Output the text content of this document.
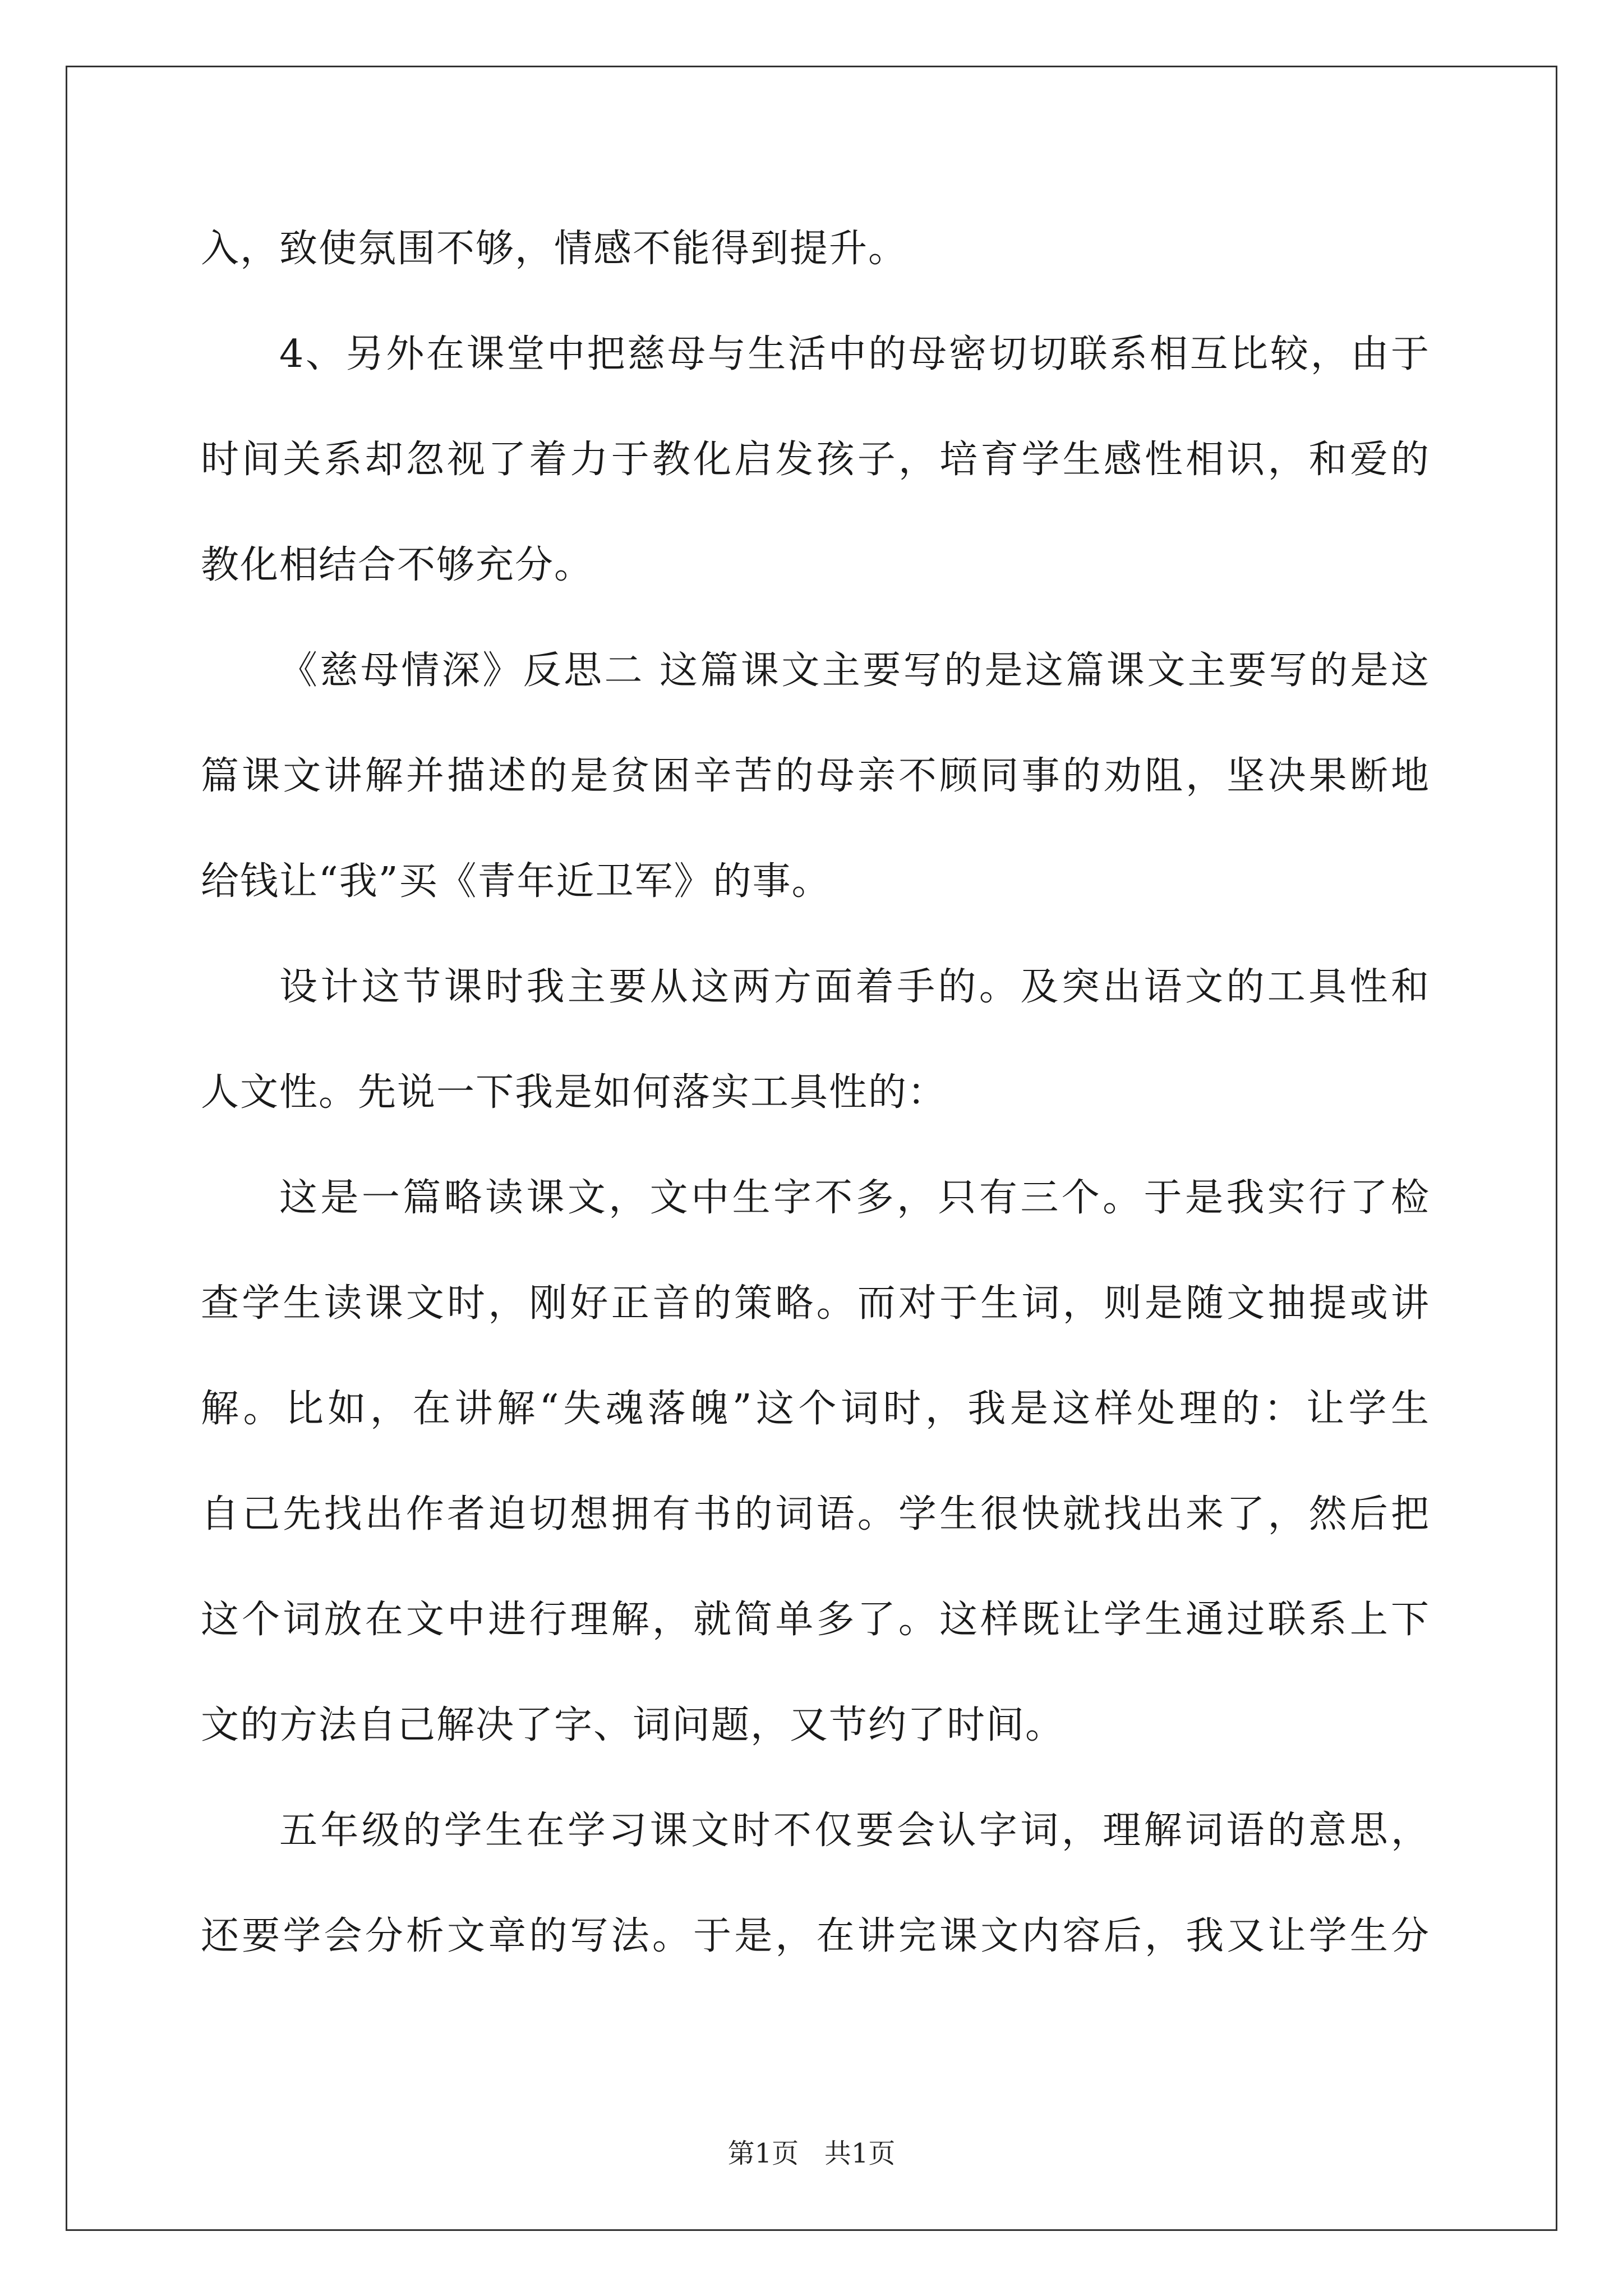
入，致使氛围不够，情感不能得到提升。
4、另外在课堂中把慈母与生活中的母密切切联系相互比较，由于
时间关系却忽视了着力于教化启发孩子，培育学生感性相识，和爱的
教化相结合不够充分。
《慈母情深》反思二 这篇课文主要写的是这篇课文主要写的是这
篇课文讲解并描述的是贫困辛苦的母亲不顾同事的劝阻，坚决果断地
给钱让“我”买《青年近卫军》的事。
设计这节课时我主要从这两方面着手的。及突出语文的工具性和
人文性。先说一下我是如何落实工具性的：
这是一篇略读课文，文中生字不多，只有三个。于是我实行了检
查学生读课文时，刚好正音的策略。而对于生词，则是随文抽提或讲
解。比如，在讲解“失魂落魄”这个词时，我是这样处理的：让学生
自己先找出作者迫切想拥有书的词语。学生很快就找出来了，然后把
这个词放在文中进行理解，就简单多了。这样既让学生通过联系上下
文的方法自己解决了字、词问题，又节约了时间。
五年级的学生在学习课文时不仅要会认字词，理解词语的意思，
还要学会分析文章的写法。于是，在讲完课文内容后，我又让学生分
第1页 共1页
